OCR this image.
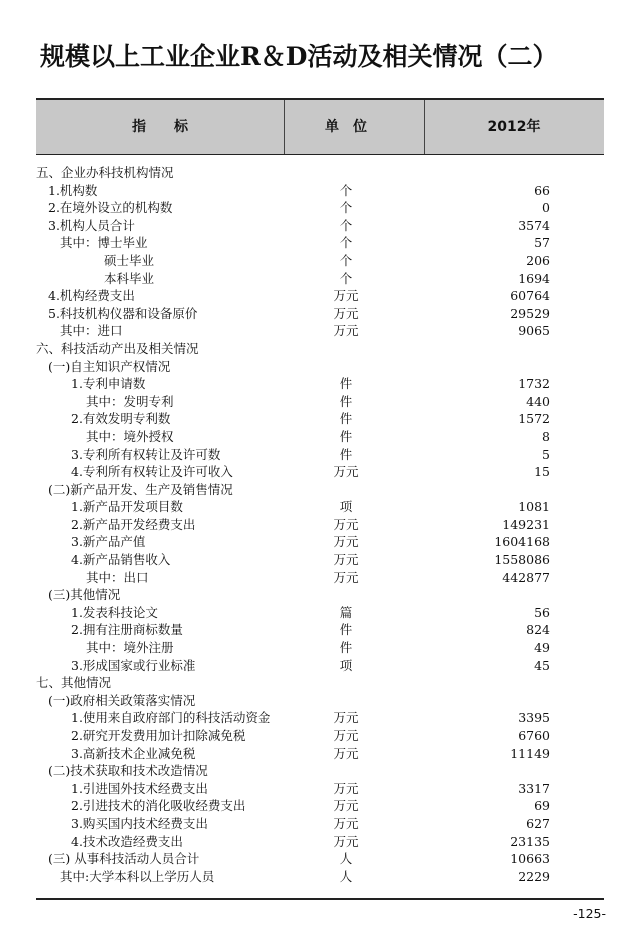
规模以上工业企业R＆D活动及相关情况（二）
指　　标	单　位	2012年
五、企业办科技机构情况
1.机构数	个	66
2.在境外设立的机构数	个	0
3.机构人员合计	个	3574
其中：博士毕业	个	57
硕士毕业	个	206
本科毕业	个	1694
4.机构经费支出	万元	60764
5.科技机构仪器和设备原价	万元	29529
其中：进口	万元	9065
六、科技活动产出及相关情况
(一)自主知识产权情况
1.专利申请数	件	1732
其中：发明专利	件	440
2.有效发明专利数	件	1572
其中：境外授权	件	8
3.专利所有权转让及许可数	件	5
4.专利所有权转让及许可收入	万元	15
(二)新产品开发、生产及销售情况
1.新产品开发项目数	项	1081
2.新产品开发经费支出	万元	149231
3.新产品产值	万元	1604168
4.新产品销售收入	万元	1558086
其中：出口	万元	442877
(三)其他情况
1.发表科技论文	篇	56
2.拥有注册商标数量	件	824
其中：境外注册	件	49
3.形成国家或行业标准	项	45
七、其他情况
(一)政府相关政策落实情况
1.使用来自政府部门的科技活动资金	万元	3395
2.研究开发费用加计扣除减免税	万元	6760
3.高新技术企业减免税	万元	11149
(二)技术获取和技术改造情况
1.引进国外技术经费支出	万元	3317
2.引进技术的消化吸收经费支出	万元	69
3.购买国内技术经费支出	万元	627
4.技术改造经费支出	万元	23135
(三) 从事科技活动人员合计	人	10663
其中:大学本科以上学历人员	人	2229
-125-
